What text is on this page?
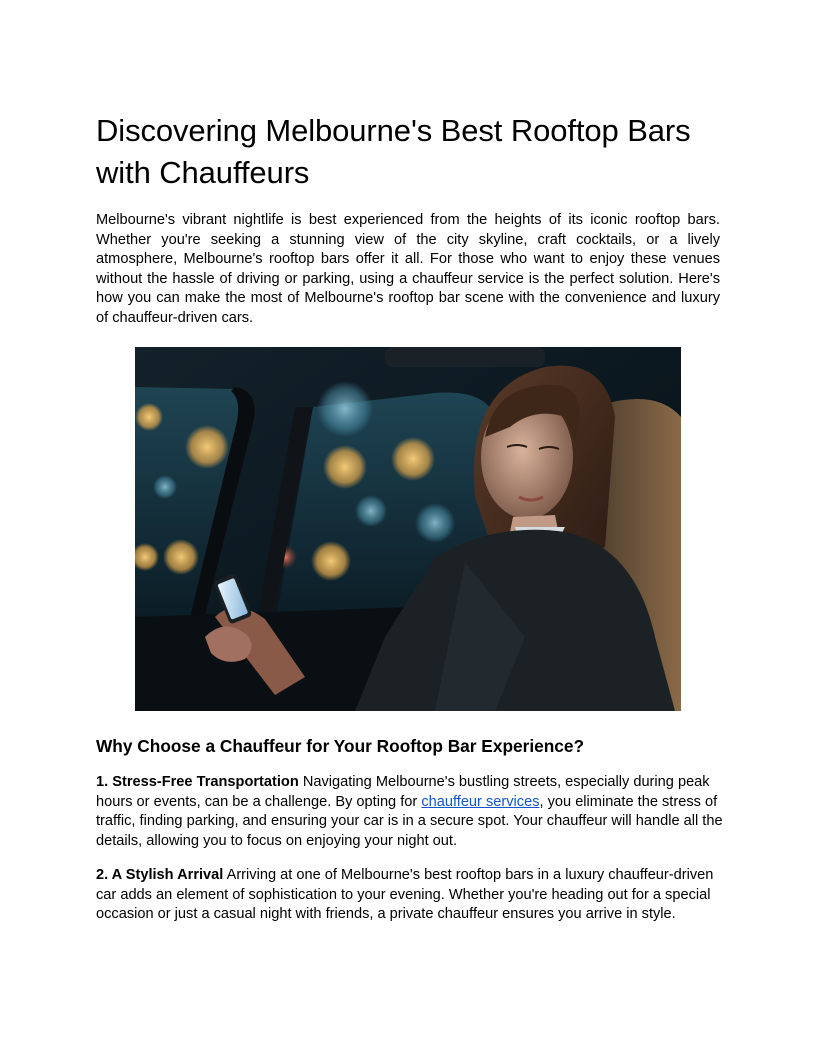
Discovering Melbourne's Best Rooftop Bars with Chauffeurs

Melbourne's vibrant nightlife is best experienced from the heights of its iconic rooftop bars. Whether you're seeking a stunning view of the city skyline, craft cocktails, or a lively atmosphere, Melbourne's rooftop bars offer it all. For those who want to enjoy these venues without the hassle of driving or parking, using a chauffeur service is the perfect solution. Here's how you can make the most of Melbourne's rooftop bar scene with the convenience and luxury of chauffeur-driven cars.

Why Choose a Chauffeur for Your Rooftop Bar Experience?

1. Stress-Free Transportation Navigating Melbourne's bustling streets, especially during peak hours or events, can be a challenge. By opting for chauffeur services, you eliminate the stress of traffic, finding parking, and ensuring your car is in a secure spot. Your chauffeur will handle all the details, allowing you to focus on enjoying your night out.

2. A Stylish Arrival Arriving at one of Melbourne's best rooftop bars in a luxury chauffeur-driven car adds an element of sophistication to your evening. Whether you're heading out for a special occasion or just a casual night with friends, a private chauffeur ensures you arrive in style.
